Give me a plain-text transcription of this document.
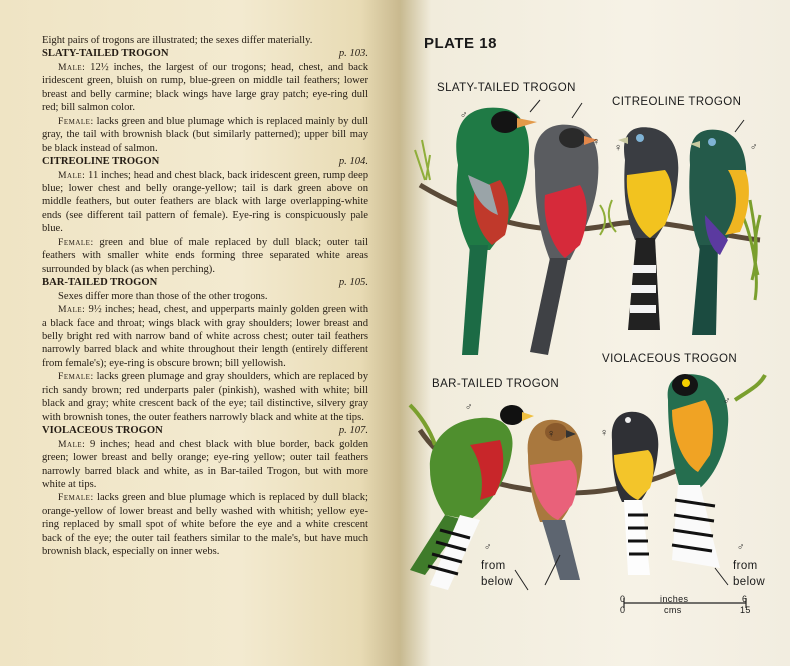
Eight pairs of trogons are illustrated; the sexes differ materially.

SLATY-TAILED TROGON	p. 103.

Male: 12½ inches, the largest of our trogons; head, chest, and back iridescent green, bluish on rump, blue-green on middle tail feathers; lower breast and belly carmine; black wings have large gray patch; eye-ring dull red; bill salmon color.

Female: lacks green and blue plumage which is replaced mainly by dull gray, the tail with brownish black (but similarly patterned); upper bill may be black instead of salmon.

CITREOLINE TROGON	p. 104.

Male: 11 inches; head and chest black, back iridescent green, rump deep blue; lower chest and belly orange-yellow; tail is dark green above on middle feathers, but outer feathers are black with large overlapping-white ends (see different tail pattern of female). Eye-ring is conspicuously pale blue.

Female: green and blue of male replaced by dull black; outer tail feathers with smaller white ends forming three separated white areas surrounded by black (as when perching).

BAR-TAILED TROGON	p. 105.

Sexes differ more than those of the other trogons.

Male: 9½ inches; head, chest, and upperparts mainly golden green with a black face and throat; wings black with gray shoulders; lower breast and belly bright red with narrow band of white across chest; outer tail feathers narrowly barred black and white throughout their length (entirely different from female's); eye-ring is obscure brown; bill yellowish.

Female: lacks green plumage and gray shoulders, which are replaced by rich sandy brown; red underparts paler (pinkish), washed with white; bill black and gray; white crescent back of the eye; tail distinctive, silvery gray with brownish tones, the outer feathers narrowly black and white at the tips.

VIOLACEOUS TROGON	p. 107.

Male: 9 inches; head and chest black with blue border, back golden green; lower breast and belly orange; eye-ring yellow; outer tail feathers narrowly barred black and white, as in Bar-tailed Trogon, but with more white at tips.

Female: lacks green and blue plumage which is replaced by dull black; orange-yellow of lower breast and belly washed with whitish; yellow eye-ring replaced by small spot of white before the eye and a white crescent back of the eye; the outer tail feathers similar to the male's, but have much brownish black, especially on inner webs.

PLATE 18
SLATY-TAILED TROGON
CITREOLINE TROGON
VIOLACEOUS TROGON
BAR-TAILED TROGON
♂
♀ ♀	♂
♂
♀	♀
♂
♂	♂
from below
from below
0	inches	6
0	cms	15
